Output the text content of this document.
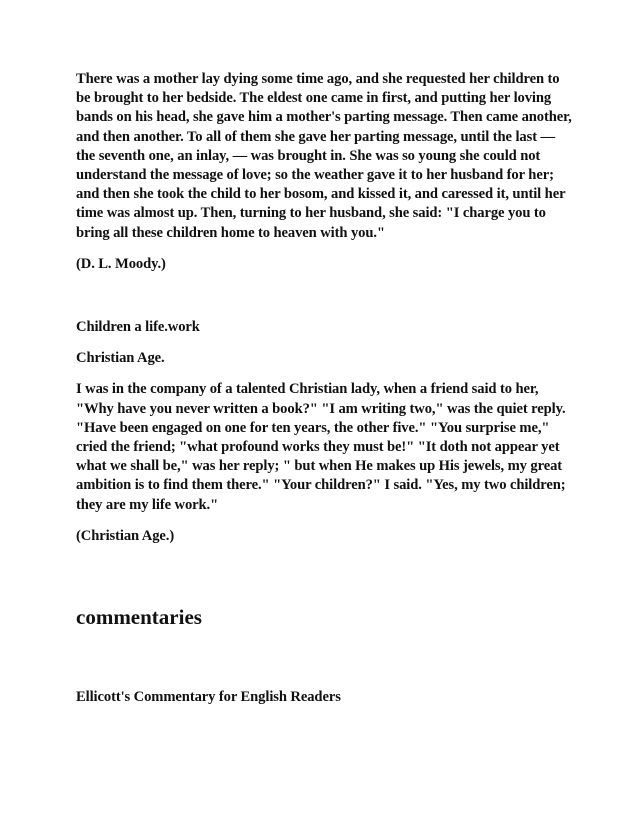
There was a mother lay dying some time ago, and she requested her children to be brought to her bedside. The eldest one came in first, and putting her loving bands on his head, she gave him a mother's parting message. Then came another, and then another. To all of them she gave her parting message, until the last — the seventh one, an inlay, — was brought in. She was so young she could not understand the message of love; so the weather gave it to her husband for her; and then she took the child to her bosom, and kissed it, and caressed it, until her time was almost up. Then, turning to her husband, she said: "I charge you to bring all these children home to heaven with you."

(D. L. Moody.)

Children a life.work

Christian Age.

I was in the company of a talented Christian lady, when a friend said to her, "Why have you never written a book?" "I am writing two," was the quiet reply. "Have been engaged on one for ten years, the other five." "You surprise me," cried the friend; "what profound works they must be!" "It doth not appear yet what we shall be," was her reply; " but when He makes up His jewels, my great ambition is to find them there." "Your children?" I said. "Yes, my two children; they are my life work."

(Christian Age.)

commentaries

Ellicott's Commentary for English Readers
